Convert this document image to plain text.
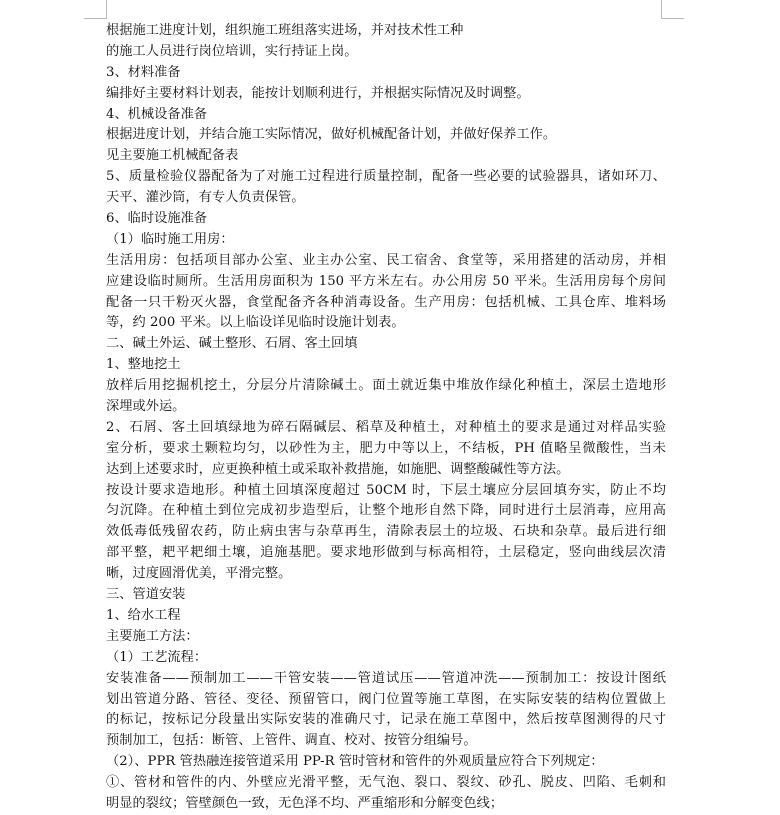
根据施工进度计划，组织施工班组落实进场，并对技术性工种
的施工人员进行岗位培训，实行持证上岗。
3、材料准备
编排好主要材料计划表，能按计划顺利进行，并根据实际情况及时调整。
4、机械设备准备
根据进度计划，并结合施工实际情况，做好机械配备计划，并做好保养工作。
见主要施工机械配备表
5、质量检验仪器配备为了对施工过程进行质量控制，配备一些必要的试验器具，诸如环刀、
天平、灌沙筒，有专人负责保管。
6、临时设施准备
（1）临时施工用房：
生活用房：包括项目部办公室、业主办公室、民工宿舍、食堂等，采用搭建的活动房，并相
应建设临时厕所。生活用房面积为 150 平方米左右。办公用房 50 平米。生活用房每个房间
配备一只干粉灭火器，食堂配备齐各种消毒设备。生产用房：包括机械、工具仓库、堆料场
等，约 200 平米。以上临设详见临时设施计划表。
二、碱土外运、碱土整形、石屑、客土回填
1、整地挖土
放样后用挖掘机挖土，分层分片清除碱土。面土就近集中堆放作绿化种植土，深层土造地形
深埋或外运。
2、石屑、客土回填绿地为碎石隔碱层、稻草及种植土，对种植土的要求是通过对样品实验
室分析，要求土颗粒均匀，以砂性为主，肥力中等以上，不结板，PH 值略呈微酸性，当未
达到上述要求时，应更换种植土或采取补救措施，如施肥、调整酸碱性等方法。
按设计要求造地形。种植土回填深度超过 50CM 时，下层土壤应分层回填夯实，防止不均
匀沉降。在种植土到位完成初步造型后，让整个地形自然下降，同时进行土层消毒，应用高
效低毒低残留农药，防止病虫害与杂草再生，清除表层土的垃圾、石块和杂草。最后进行细
部平整，耙平耙细土壤，追施基肥。要求地形做到与标高相符，土层稳定，竖向曲线层次清
晰，过度圆滑优美，平滑完整。
三、管道安装
1、给水工程
主要施工方法：
（1）工艺流程：
安装准备——预制加工——干管安装——管道试压——管道冲洗——预制加工：按设计图纸
划出管道分路、管径、变径、预留管口，阀门位置等施工草图，在实际安装的结构位置做上
的标记，按标记分段量出实际安装的准确尺寸，记录在施工草图中，然后按草图测得的尺寸
预制加工，包括：断管、上管件、调直、校对、按管分组编号。
（2）、PPR 管热融连接管道采用 PP-R 管时管材和管件的外观质量应符合下列规定：
①、管材和管件的内、外壁应光滑平整，无气泡、裂口、裂纹、砂孔、脱皮、凹陷、毛刺和
明显的裂纹；管壁颜色一致，无色泽不均、严重缩形和分解变色线；
